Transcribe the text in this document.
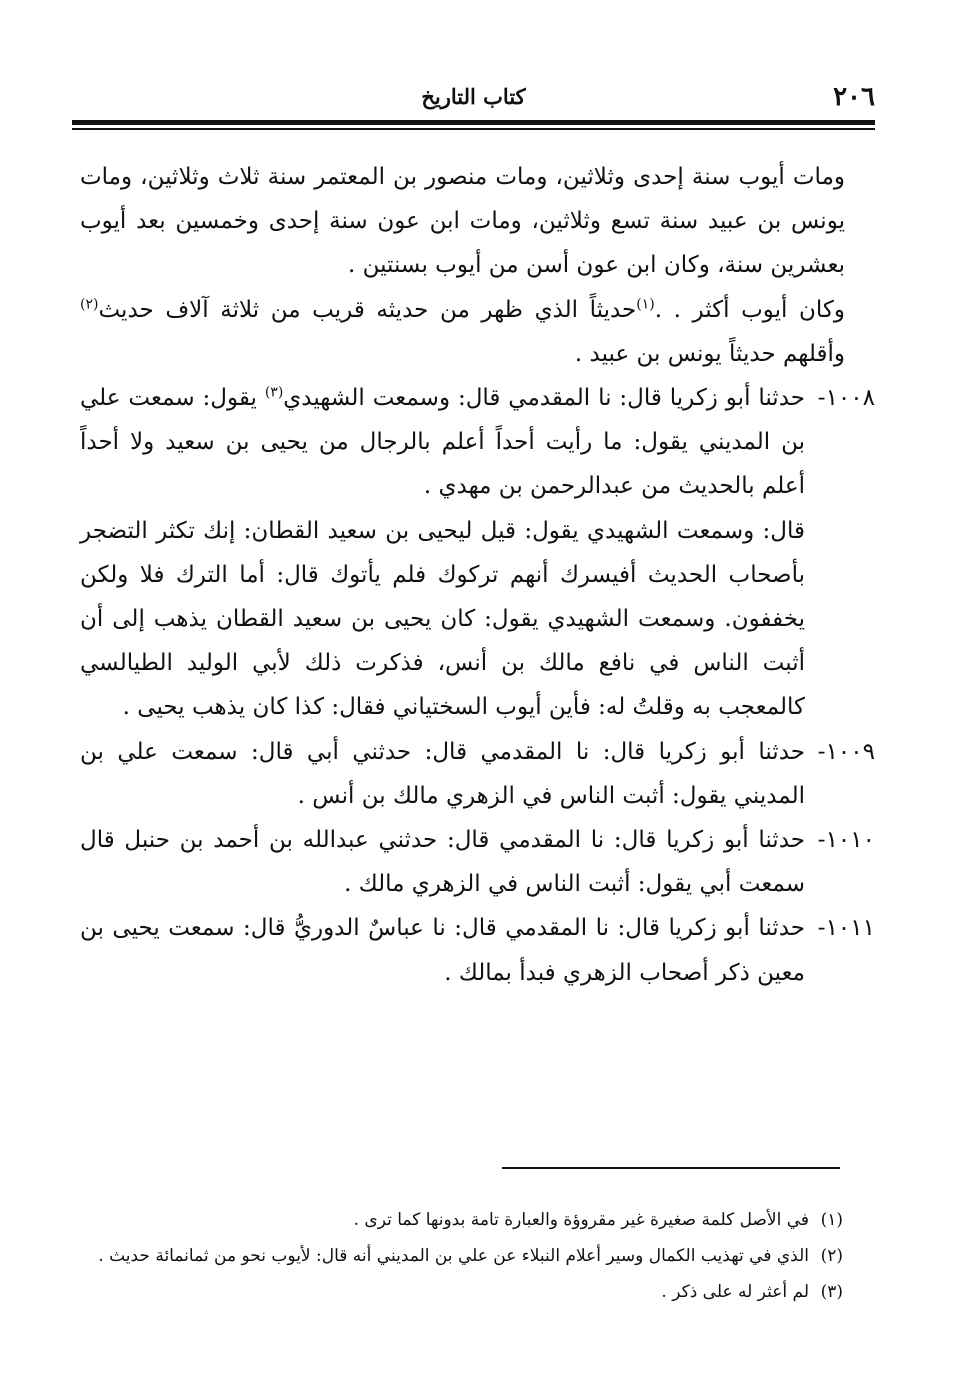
٢٠٦
كتاب التاريخ

ومات أيوب سنة إحدى وثلاثين، ومات منصور بن المعتمر سنة ثلاث وثلاثين، ومات يونس بن عبيد سنة تسع وثلاثين، ومات ابن عون سنة إحدى وخمسين بعد أيوب بعشرين سنة، وكان ابن عون أسن من أيوب بسنتين .

وكان أيوب أكثر . .$^{(١)}$حديثاً الذي ظهر من حديثه قريب من ثلاثة آلاف حديث$^{(٢)}$ وأقلهم حديثاً يونس بن عبيد .

١٠٠٨-

حدثنا أبو زكريا قال: نا المقدمي قال: وسمعت الشهيدي$^{(٣)}$ يقول: سمعت علي بن المديني يقول: ما رأيت أحداً أعلم بالرجال من يحيى بن سعيد ولا أحداً أعلم بالحديث من عبدالرحمن بن مهدي .

قال: وسمعت الشهيدي يقول: قيل ليحيى بن سعيد القطان: إنك تكثر التضجر بأصحاب الحديث أفيسرك أنهم تركوك فلم يأتوك قال: أما الترك فلا ولكن يخففون. وسمعت الشهيدي يقول: كان يحيى بن سعيد القطان يذهب إلى أن أثبت الناس في نافع مالك بن أنس، فذكرت ذلك لأبي الوليد الطيالسي كالمعجب به وقلتُ له: فأين أيوب السختياني فقال: كذا كان يذهب يحيى .

١٠٠٩-

حدثنا أبو زكريا قال: نا المقدمي قال: حدثني أبي قال: سمعت علي بن المديني يقول: أثبت الناس في الزهري مالك بن أنس .

١٠١٠-

حدثنا أبو زكريا قال: نا المقدمي قال: حدثني عبدالله بن أحمد بن حنبل قال سمعت أبي يقول: أثبت الناس في الزهري مالك .

١٠١١-

حدثنا أبو زكريا قال: نا المقدمي قال: نا عباسٌ الدوريُّ قال: سمعت يحيى بن معين ذكر أصحاب الزهري فبدأ بمالك .

(١)
في الأصل كلمة صغيرة غير مقروؤة والعبارة تامة بدونها كما ترى .
(٢)
الذي في تهذيب الكمال وسير أعلام النبلاء عن علي بن المديني أنه قال: لأيوب نحو من ثمانمائة حديث .
(٣)
لم أعثر له على ذكر .
